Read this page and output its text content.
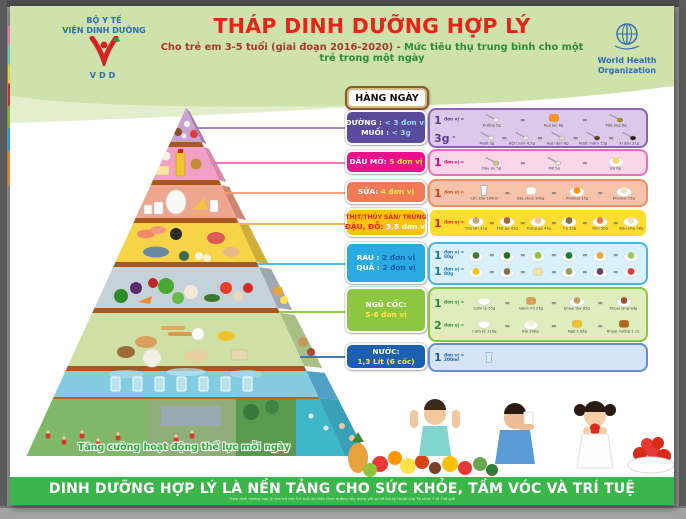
BỘ Y TẾ
VIỆN DINH DƯỠNG
VDD
THÁP DINH DƯỠNG HỢP LÝ
Cho trẻ em 3-5 tuổi (giai đoạn 2016-2020) - Mức tiêu thụ trung bình cho một trẻ trong một ngày	World Health
Organization
HÀNG NGÀY
Tăng cường hoạt động thể lực mỗi ngày
DINH DƯỠNG HỢP LÝ LÀ NỀN TẢNG CHO SỨC KHỎE, TẦM VÓC VÀ TRÍ TUỆ
Tháp dinh dưỡng hợp lý cho trẻ em 3-5 tuổi do Viện Dinh dưỡng xây dựng với sự hỗ trợ kỹ thuật của Tổ chức Y tế Thế giới
ĐƯỜNG : < 3 đơn vị
MUỐI : < 3g
DẦU MỠ: 5 đơn vị
SỮA: 4 đơn vị
THỊT/THỦY SẢN/ TRỨNG
ĐẬU, ĐỖ: 3,5 đơn vị
RAU : 2 đơn vị
QUẢ : 2 đơn vị
NGŨ CỐC:
5-6 đơn vị
NƯỚC:
1,3 Lít (6 cốc)
1 đơn vị =
Đường 5g
=
Kẹo lạc 8g
=
Mật ong 6g
3g =
Muối 3g
=
Bột canh 4,5g
=
Hạt nêm 6g
=
Nước mắm 15g
=
Xì dầu 21g
1 đơn vị =
Dầu ăn 5g
=
Mỡ 5g
=
Bơ 6g
1 đơn vị =
Cốc sữa 100ml
=
Sữa chua 100g
=
Phomat 15g
=
Phomai 15g
1 đơn vị =
Thịt lợn 31g
=
Thịt gà 42g
=
Trứng gà 47g
=
Cá 35g
=
Tôm 30g
=
Đậu phụ 58g
1 đơn vị =
80g	=	=	=	=	=
1 đơn vị =
80g	=	=	=	=	=
1 đơn vị =
Cơm tẻ 55g
=
Bánh mì 27g
=
Khoai tây 95g
=
Khoai lang 84g
2 đơn vị =
Cơm tẻ 110g
=
Xôi 100g
=
Ngô 1 bắp
=
Khoai nướng 1 củ
1 đơn vị =
200ml
